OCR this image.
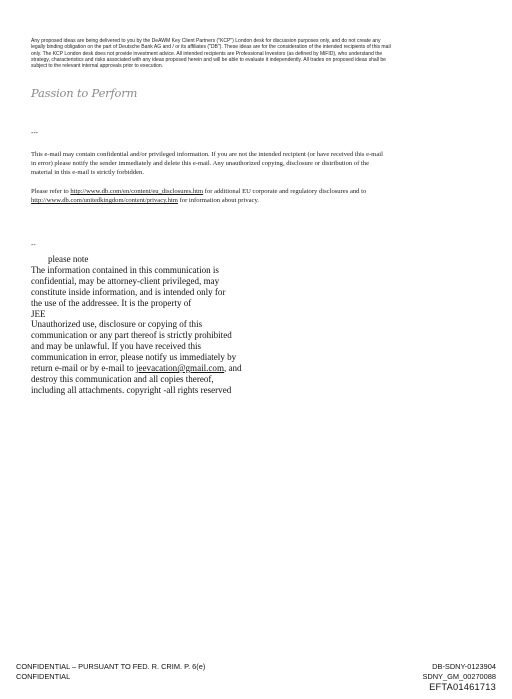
Any proposed ideas are being delivered to you by the DeAWM Key Client Partners ("KCP") London desk for discussion purposes only, and do not create any
legally binding obligation on the part of Deutsche Bank AG and / or its affiliates ("DB"). These ideas are for the consideration of the intended recipients of this mail
only. The KCP London desk does not provide investment advice. All intended recipients are Professional Investors (as defined by MiFID), who understand the
strategy, characteristics and risks associated with any ideas proposed herein and will be able to evaluate it independently. All trades on proposed ideas shall be
subject to the relevant internal approvals prior to execution.
Passion to Perform
---
This e-mail may contain confidential and/or privileged information. If you are not the intended recipient (or have received this e-mail
in error) please notify the sender immediately and delete this e-mail. Any unauthorized copying, disclosure or distribution of the
material in this e-mail is strictly forbidden.
Please refer to http://www.db.com/en/content/eu_disclosures.htm for additional EU corporate and regulatory disclosures and to
http://www.db.com/unitedkingdom/content/privacy.htm for information about privacy.
--
please note
The information contained in this communication is
confidential, may be attorney-client privileged, may
constitute inside information, and is intended only for
the use of the addressee. It is the property of
JEE
Unauthorized use, disclosure or copying of this
communication or any part thereof is strictly prohibited
and may be unlawful. If you have received this
communication in error, please notify us immediately by
return e-mail or by e-mail to jeevacation@gmail.com, and
destroy this communication and all copies thereof,
including all attachments. copyright -all rights reserved
CONFIDENTIAL – PURSUANT TO FED. R. CRIM. P. 6(e)
CONFIDENTIAL
DB-SDNY-0123904
SDNY_GM_00270088
EFTA01461713
